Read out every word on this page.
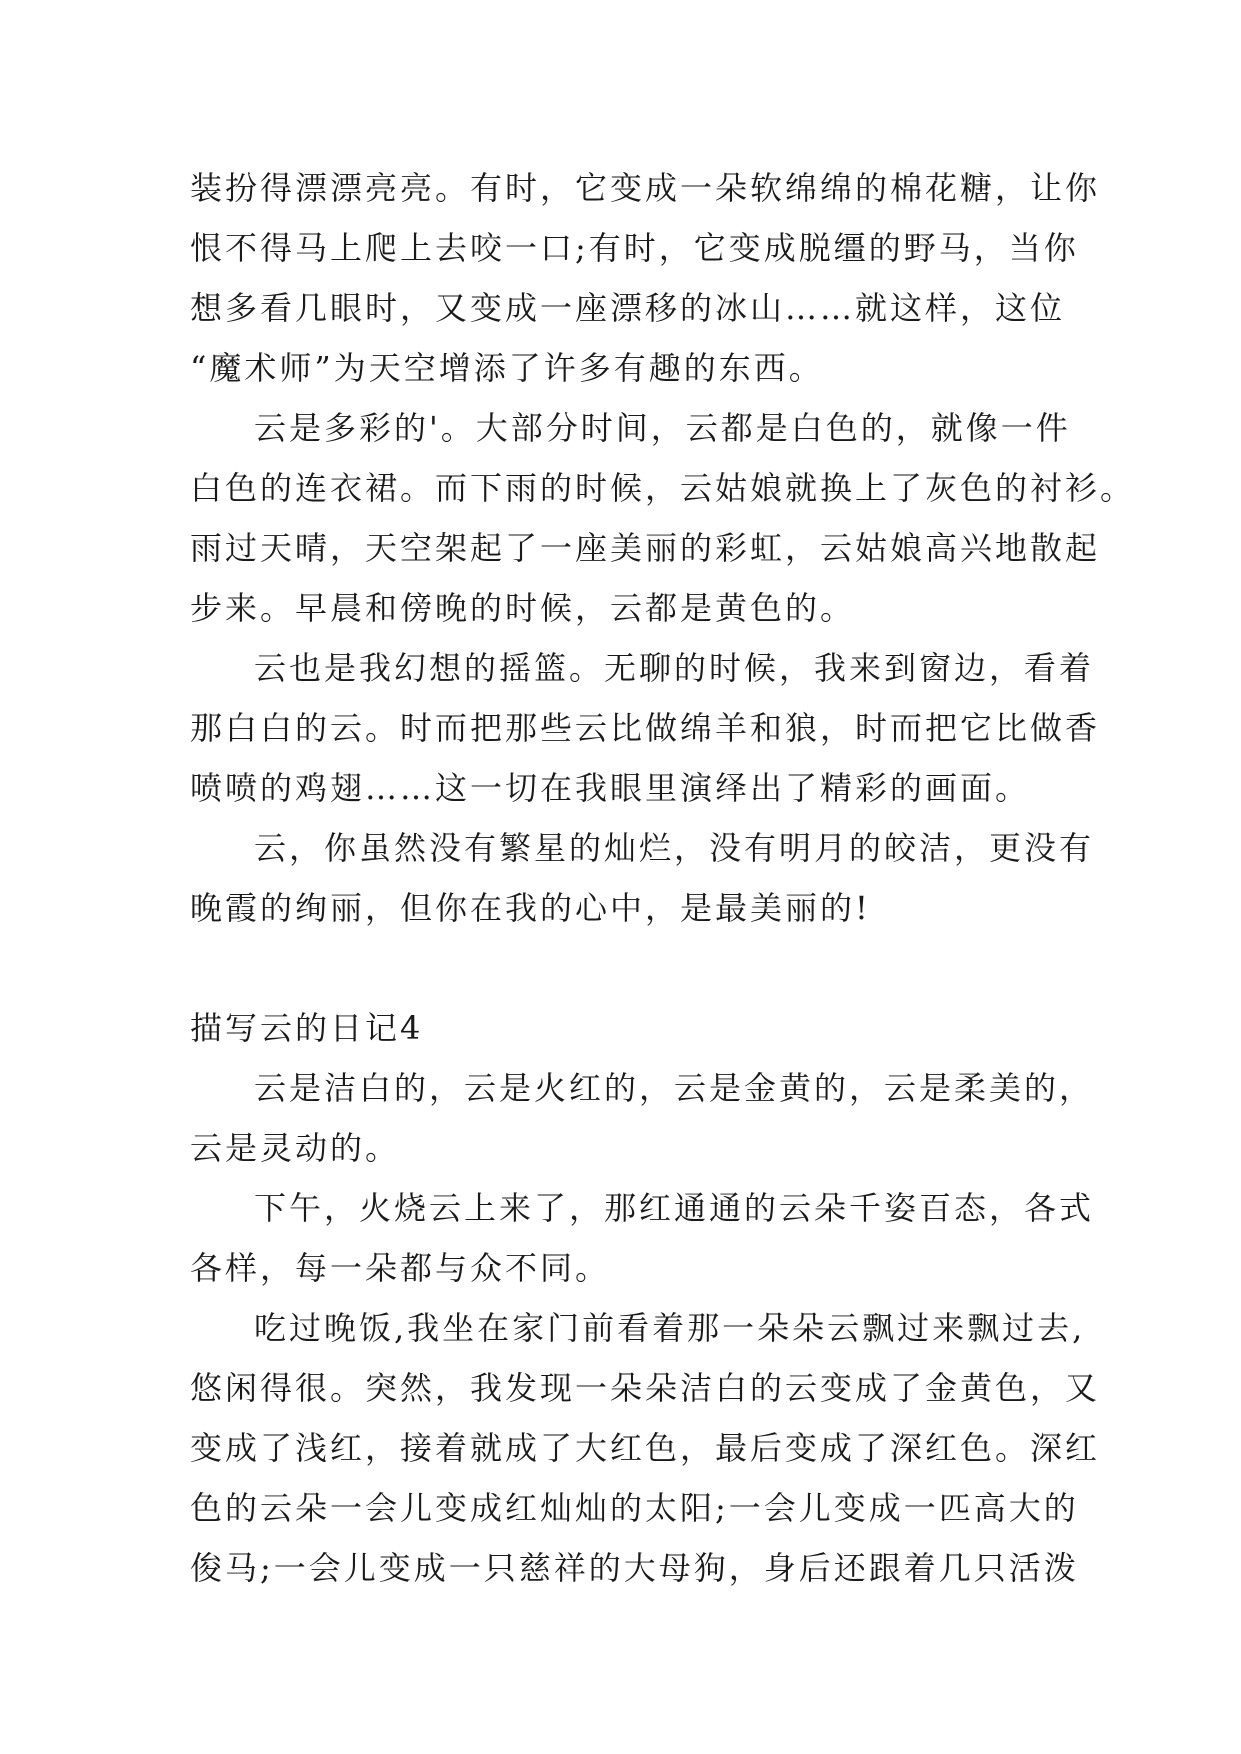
装扮得漂漂亮亮。有时，它变成一朵软绵绵的棉花糖，让你
恨不得马上爬上去咬一口;有时，它变成脱缰的野马，当你
想多看几眼时，又变成一座漂移的冰山……就这样，这位
“魔术师”为天空增添了许多有趣的东西。
云是多彩的'。大部分时间，云都是白色的，就像一件
白色的连衣裙。而下雨的时候，云姑娘就换上了灰色的衬衫。
雨过天晴，天空架起了一座美丽的彩虹，云姑娘高兴地散起
步来。早晨和傍晚的时候，云都是黄色的。
云也是我幻想的摇篮。无聊的时候，我来到窗边，看着
那白白的云。时而把那些云比做绵羊和狼，时而把它比做香
喷喷的鸡翅……这一切在我眼里演绎出了精彩的画面。
云，你虽然没有繁星的灿烂，没有明月的皎洁，更没有
晚霞的绚丽，但你在我的心中，是最美丽的!
描写云的日记4
云是洁白的，云是火红的，云是金黄的，云是柔美的，
云是灵动的。
下午，火烧云上来了，那红通通的云朵千姿百态，各式
各样，每一朵都与众不同。
吃过晚饭,我坐在家门前看着那一朵朵云飘过来飘过去,
悠闲得很。突然，我发现一朵朵洁白的云变成了金黄色，又
变成了浅红，接着就成了大红色，最后变成了深红色。深红
色的云朵一会儿变成红灿灿的太阳;一会儿变成一匹高大的
俊马;一会儿变成一只慈祥的大母狗，身后还跟着几只活泼
